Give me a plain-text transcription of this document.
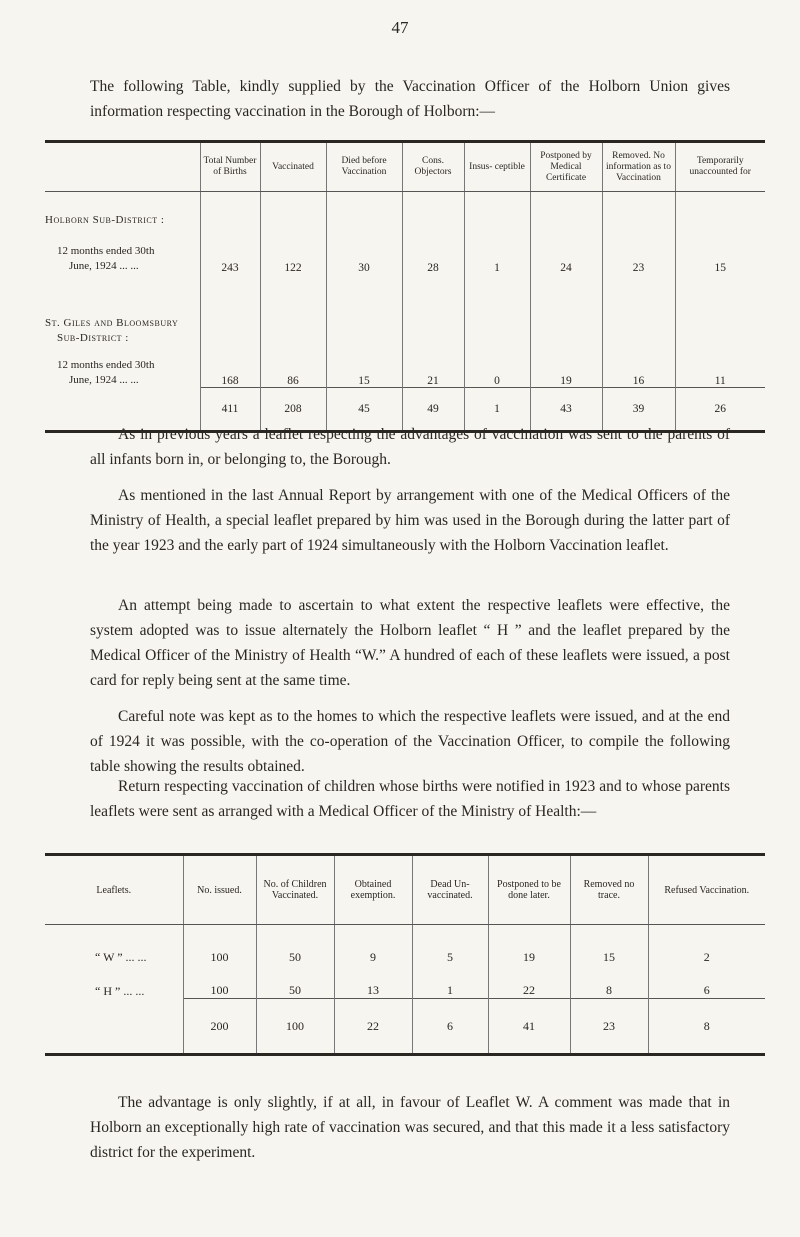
47

The following Table, kindly supplied by the Vaccination Officer of the Holborn Union gives information respecting vaccination in the Borough of Holborn:—

	Total Number of Births	Vaccinated	Died before Vaccination	Cons. Objectors	Insus- ceptible	Postponed by Medical Certificate	Removed. No information as to Vaccination	Temporarily unaccounted for
Holborn Sub-District :
12 months ended 30th
June, 1924 ... ...	243	122	30	28	1	24	23	15
St. Giles and Bloomsbury

Sub-District :
12 months ended 30th
June, 1924 ... ...	168	86	15	21	0	19	16	11
	411	208	45	49	1	43	39	26

As in previous years a leaflet respecting the advantages of vaccination was sent to the parents of all infants born in, or belonging to, the Borough.

As mentioned in the last Annual Report by arrangement with one of the Medical Officers of the Ministry of Health, a special leaflet prepared by him was used in the Borough during the latter part of the year 1923 and the early part of 1924 simultaneously with the Holborn Vaccination leaflet.

An attempt being made to ascertain to what extent the respective leaflets were effective, the system adopted was to issue alternately the Holborn leaflet “ H ” and the leaflet prepared by the Medical Officer of the Ministry of Health “W.” A hundred of each of these leaflets were issued, a post card for reply being sent at the same time.

Careful note was kept as to the homes to which the respective leaflets were issued, and at the end of 1924 it was possible, with the co-operation of the Vaccination Officer, to compile the following table showing the results obtained.

Return respecting vaccination of children whose births were notified in 1923 and to whose parents leaflets were sent as arranged with a Medical Officer of the Ministry of Health:—

Leaflets.	No. issued.	No. of Children Vaccinated.	Obtained exemption.	Dead Un- vaccinated.	Postponed to be done later.	Removed no trace.	Refused Vaccination.
“ W ” ... ...	100	50	9	5	19	15	2
“ H ” ... ...	100	50	13	1	22	8	6
	200	100	22	6	41	23	8

The advantage is only slightly, if at all, in favour of Leaflet W. A comment was made that in Holborn an exceptionally high rate of vaccination was secured, and that this made it a less satisfactory district for the experiment.
